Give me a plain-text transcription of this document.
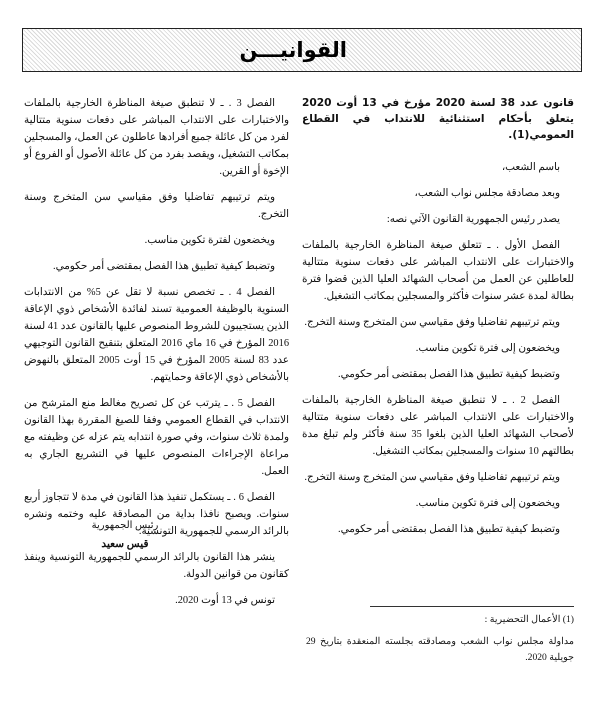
القوانيـــن

قانون عدد 38 لسنة 2020 مؤرخ في 13 أوت 2020 يتعلق بأحكام استثنائية للانتداب في القطاع العمومي(1).

باسم الشعب،

وبعد مصادقة مجلس نواب الشعب،

يصدر رئيس الجمهورية القانون الآتي نصه:

الفصل الأول . ـ تتعلق صيغة المناظرة الخارجية بالملفات والاختبارات على الانتداب المباشر على دفعات سنوية متتالية للعاطلين عن العمل من أصحاب الشهائد العليا الذين قضوا فترة بطالة لمدة عشر سنوات فأكثر والمسجلين بمكاتب التشغيل.

ويتم ترتيبهم تفاضليا وفق مقياسي سن المتخرج وسنة التخرج.

ويخضعون إلى فترة تكوين مناسب.

وتضبط كيفية تطبيق هذا الفصل بمقتضى أمر حكومي.

الفصل 2 . ـ لا تنطبق صيغة المناظرة الخارجية بالملفات والاختبارات على الانتداب المباشر على دفعات سنوية متتالية لأصحاب الشهائد العليا الذين بلغوا 35 سنة فأكثر ولم تبلغ مدة بطالتهم 10 سنوات والمسجلين بمكاتب التشغيل.

ويتم ترتيبهم تفاضليا وفق مقياسي سن المتخرج وسنة التخرج.

ويخضعون إلى فترة تكوين مناسب.

وتضبط كيفية تطبيق هذا الفصل بمقتضى أمر حكومي.

(1) الأعمال التحضيرية :

مداولة مجلس نواب الشعب ومصادقته بجلسته المنعقدة بتاريخ 29 جويلية 2020.

الفصل 3 . ـ لا تنطبق صيغة المناظرة الخارجية بالملفات والاختبارات على الانتداب المباشر على دفعات سنوية متتالية لفرد من كل عائلة جميع أفرادها عاطلون عن العمل، والمسجلين بمكاتب التشغيل، ويقصد بفرد من كل عائلة الأصول أو الفروع أو الإخوة أو القرين.

ويتم ترتيبهم تفاضليا وفق مقياسي سن المتخرج وسنة التخرج.

ويخضعون لفترة تكوين مناسب.

وتضبط كيفية تطبيق هذا الفصل بمقتضى أمر حكومي.

الفصل 4 . ـ تخصص نسبة لا تقل عن 5% من الانتدابات السنوية بالوظيفة العمومية تسند لفائدة الأشخاص ذوي الإعاقة الذين يستجيبون للشروط المنصوص عليها بالقانون عدد 41 لسنة 2016 المؤرخ في 16 ماي 2016 المتعلق بتنقيح القانون التوجيهي عدد 83 لسنة 2005 المؤرخ في 15 أوت 2005 المتعلق بالنهوض بالأشخاص ذوي الإعاقة وحمايتهم.

الفصل 5 . ـ يترتب عن كل تصريح مغالط منع المترشح من الانتداب في القطاع العمومي وفقا للصيغ المقررة بهذا القانون ولمدة ثلاث سنوات، وفي صورة انتدابه يتم عزله عن وظيفته مع مراعاة الإجراءات المنصوص عليها في التشريع الجاري به العمل.

الفصل 6 . ـ يستكمل تنفيذ هذا القانون في مدة لا تتجاوز أربع سنوات. ويصبح نافذا بداية من المصادقة عليه وختمه ونشره بالرائد الرسمي للجمهورية التونسية.

ينشر هذا القانون بالرائد الرسمي للجمهورية التونسية وينفذ كقانون من قوانين الدولة.

تونس في 13 أوت 2020.

رئيس الجمهورية
قيس سعيد
